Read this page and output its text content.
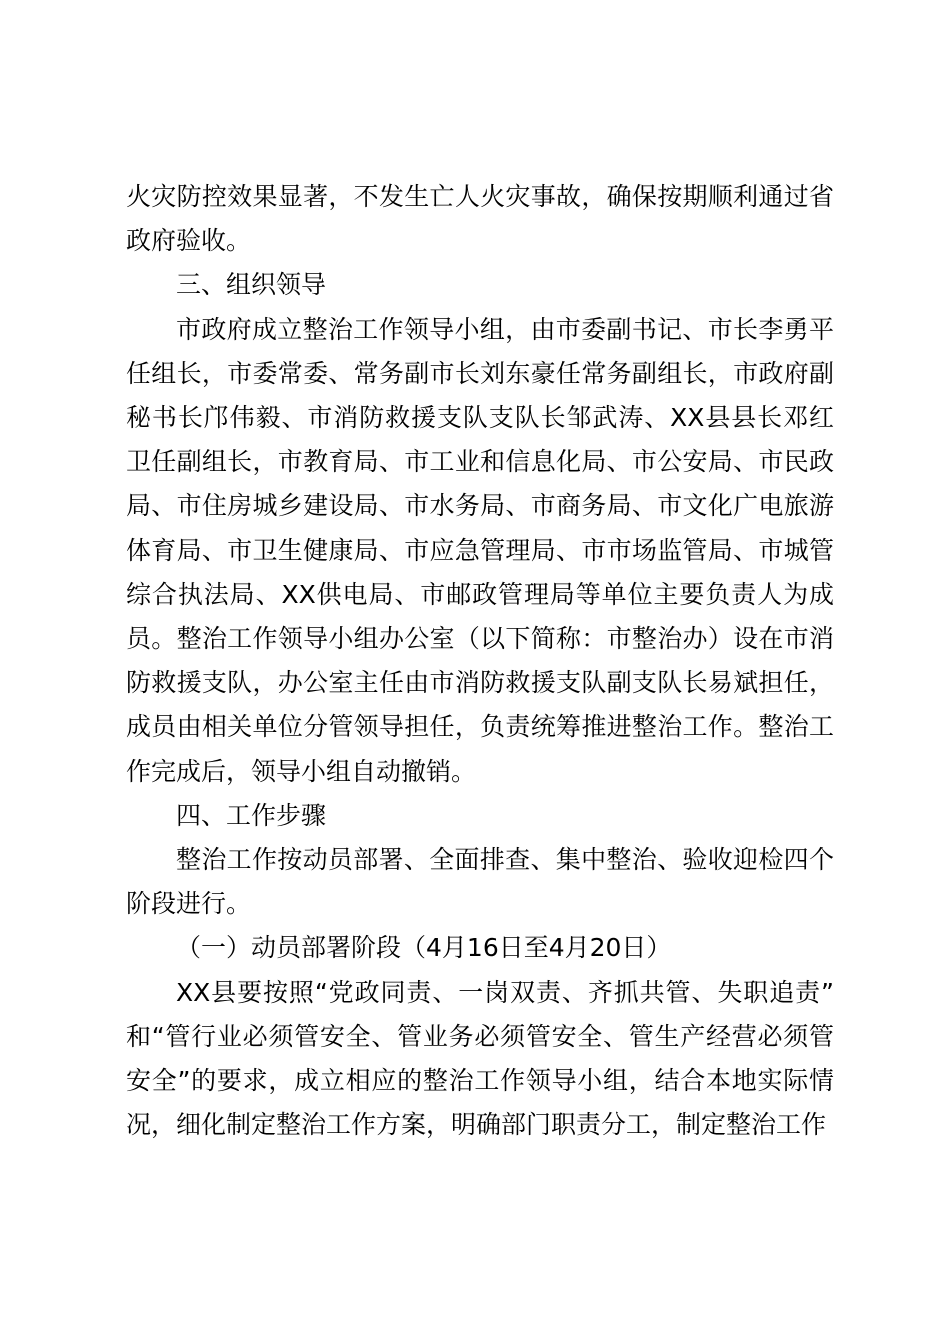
火灾防控效果显著，不发生亡人火灾事故，确保按期顺利通过省政府验收。

三、组织领导

市政府成立整治工作领导小组，由市委副书记、市长李勇平任组长，市委常委、常务副市长刘东豪任常务副组长，市政府副秘书长邝伟毅、市消防救援支队支队长邹武涛、XX县县长邓红卫任副组长，市教育局、市工业和信息化局、市公安局、市民政局、市住房城乡建设局、市水务局、市商务局、市文化广电旅游体育局、市卫生健康局、市应急管理局、市市场监管局、市城管综合执法局、XX供电局、市邮政管理局等单位主要负责人为成员。整治工作领导小组办公室（以下简称：市整治办）设在市消防救援支队，办公室主任由市消防救援支队副支队长易斌担任，成员由相关单位分管领导担任，负责统筹推进整治工作。整治工作完成后，领导小组自动撤销。

四、工作步骤

整治工作按动员部署、全面排查、集中整治、验收迎检四个阶段进行。

（一）动员部署阶段（4月16日至4月20日）

XX县要按照“党政同责、一岗双责、齐抓共管、失职追责”和“管行业必须管安全、管业务必须管安全、管生产经营必须管安全”的要求，成立相应的整治工作领导小组，结合本地实际情况，细化制定整治工作方案，明确部门职责分工，制定整治工作
